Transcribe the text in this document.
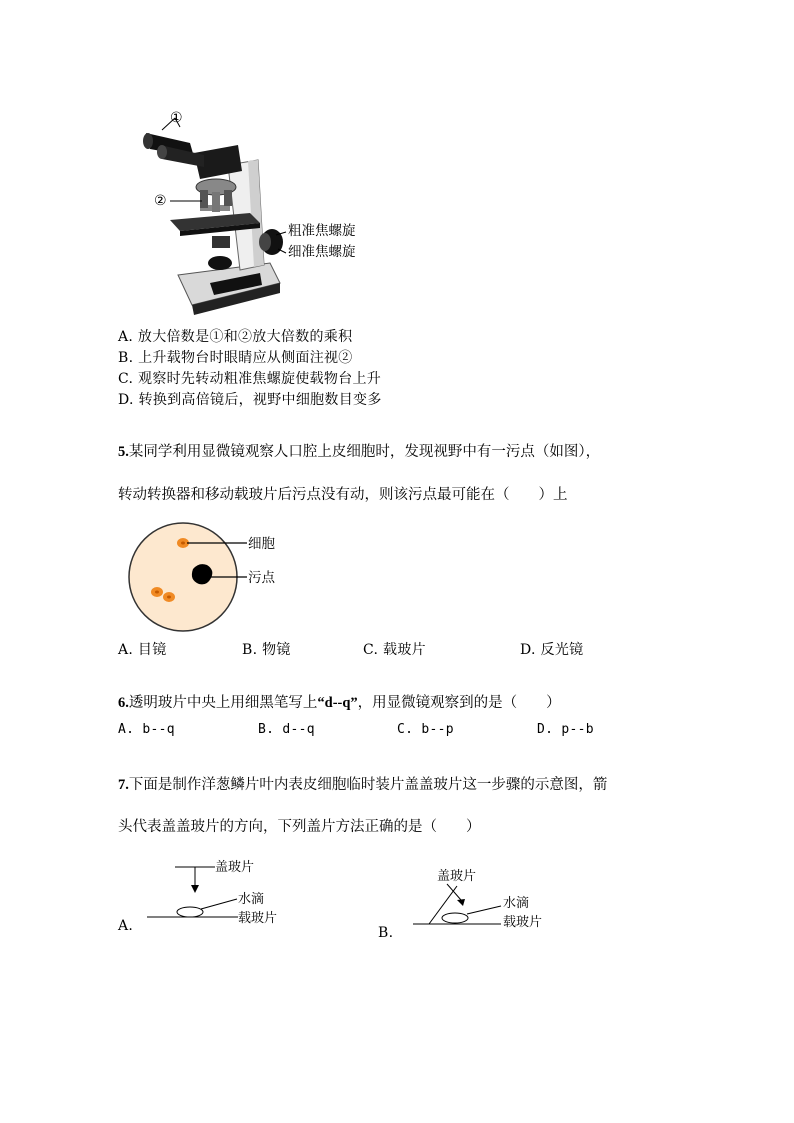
①
②
粗准焦螺旋
细准焦螺旋
A. 放大倍数是①和②放大倍数的乘积
B. 上升载物台时眼睛应从侧面注视②
C. 观察时先转动粗准焦螺旋使载物台上升
D. 转换到高倍镜后，视野中细胞数目变多
5.某同学利用显微镜观察人口腔上皮细胞时，发现视野中有一污点（如图），
转动转换器和移动载玻片后污点没有动，则该污点最可能在（　　）上
细胞
污点
A. 目镜	B. 物镜	C. 载玻片	D. 反光镜
6.透明玻片中央上用细黑笔写上“d--q”，用显微镜观察到的是（　　）
A. b--q	B. d--q	C. b--p	D. p--b
7.下面是制作洋葱鳞片叶内表皮细胞临时装片盖盖玻片这一步骤的示意图，箭
头代表盖盖玻片的方向，下列盖片方法正确的是（　　）
盖玻片
水滴
载玻片
A.
盖玻片
水滴
载玻片
B.
